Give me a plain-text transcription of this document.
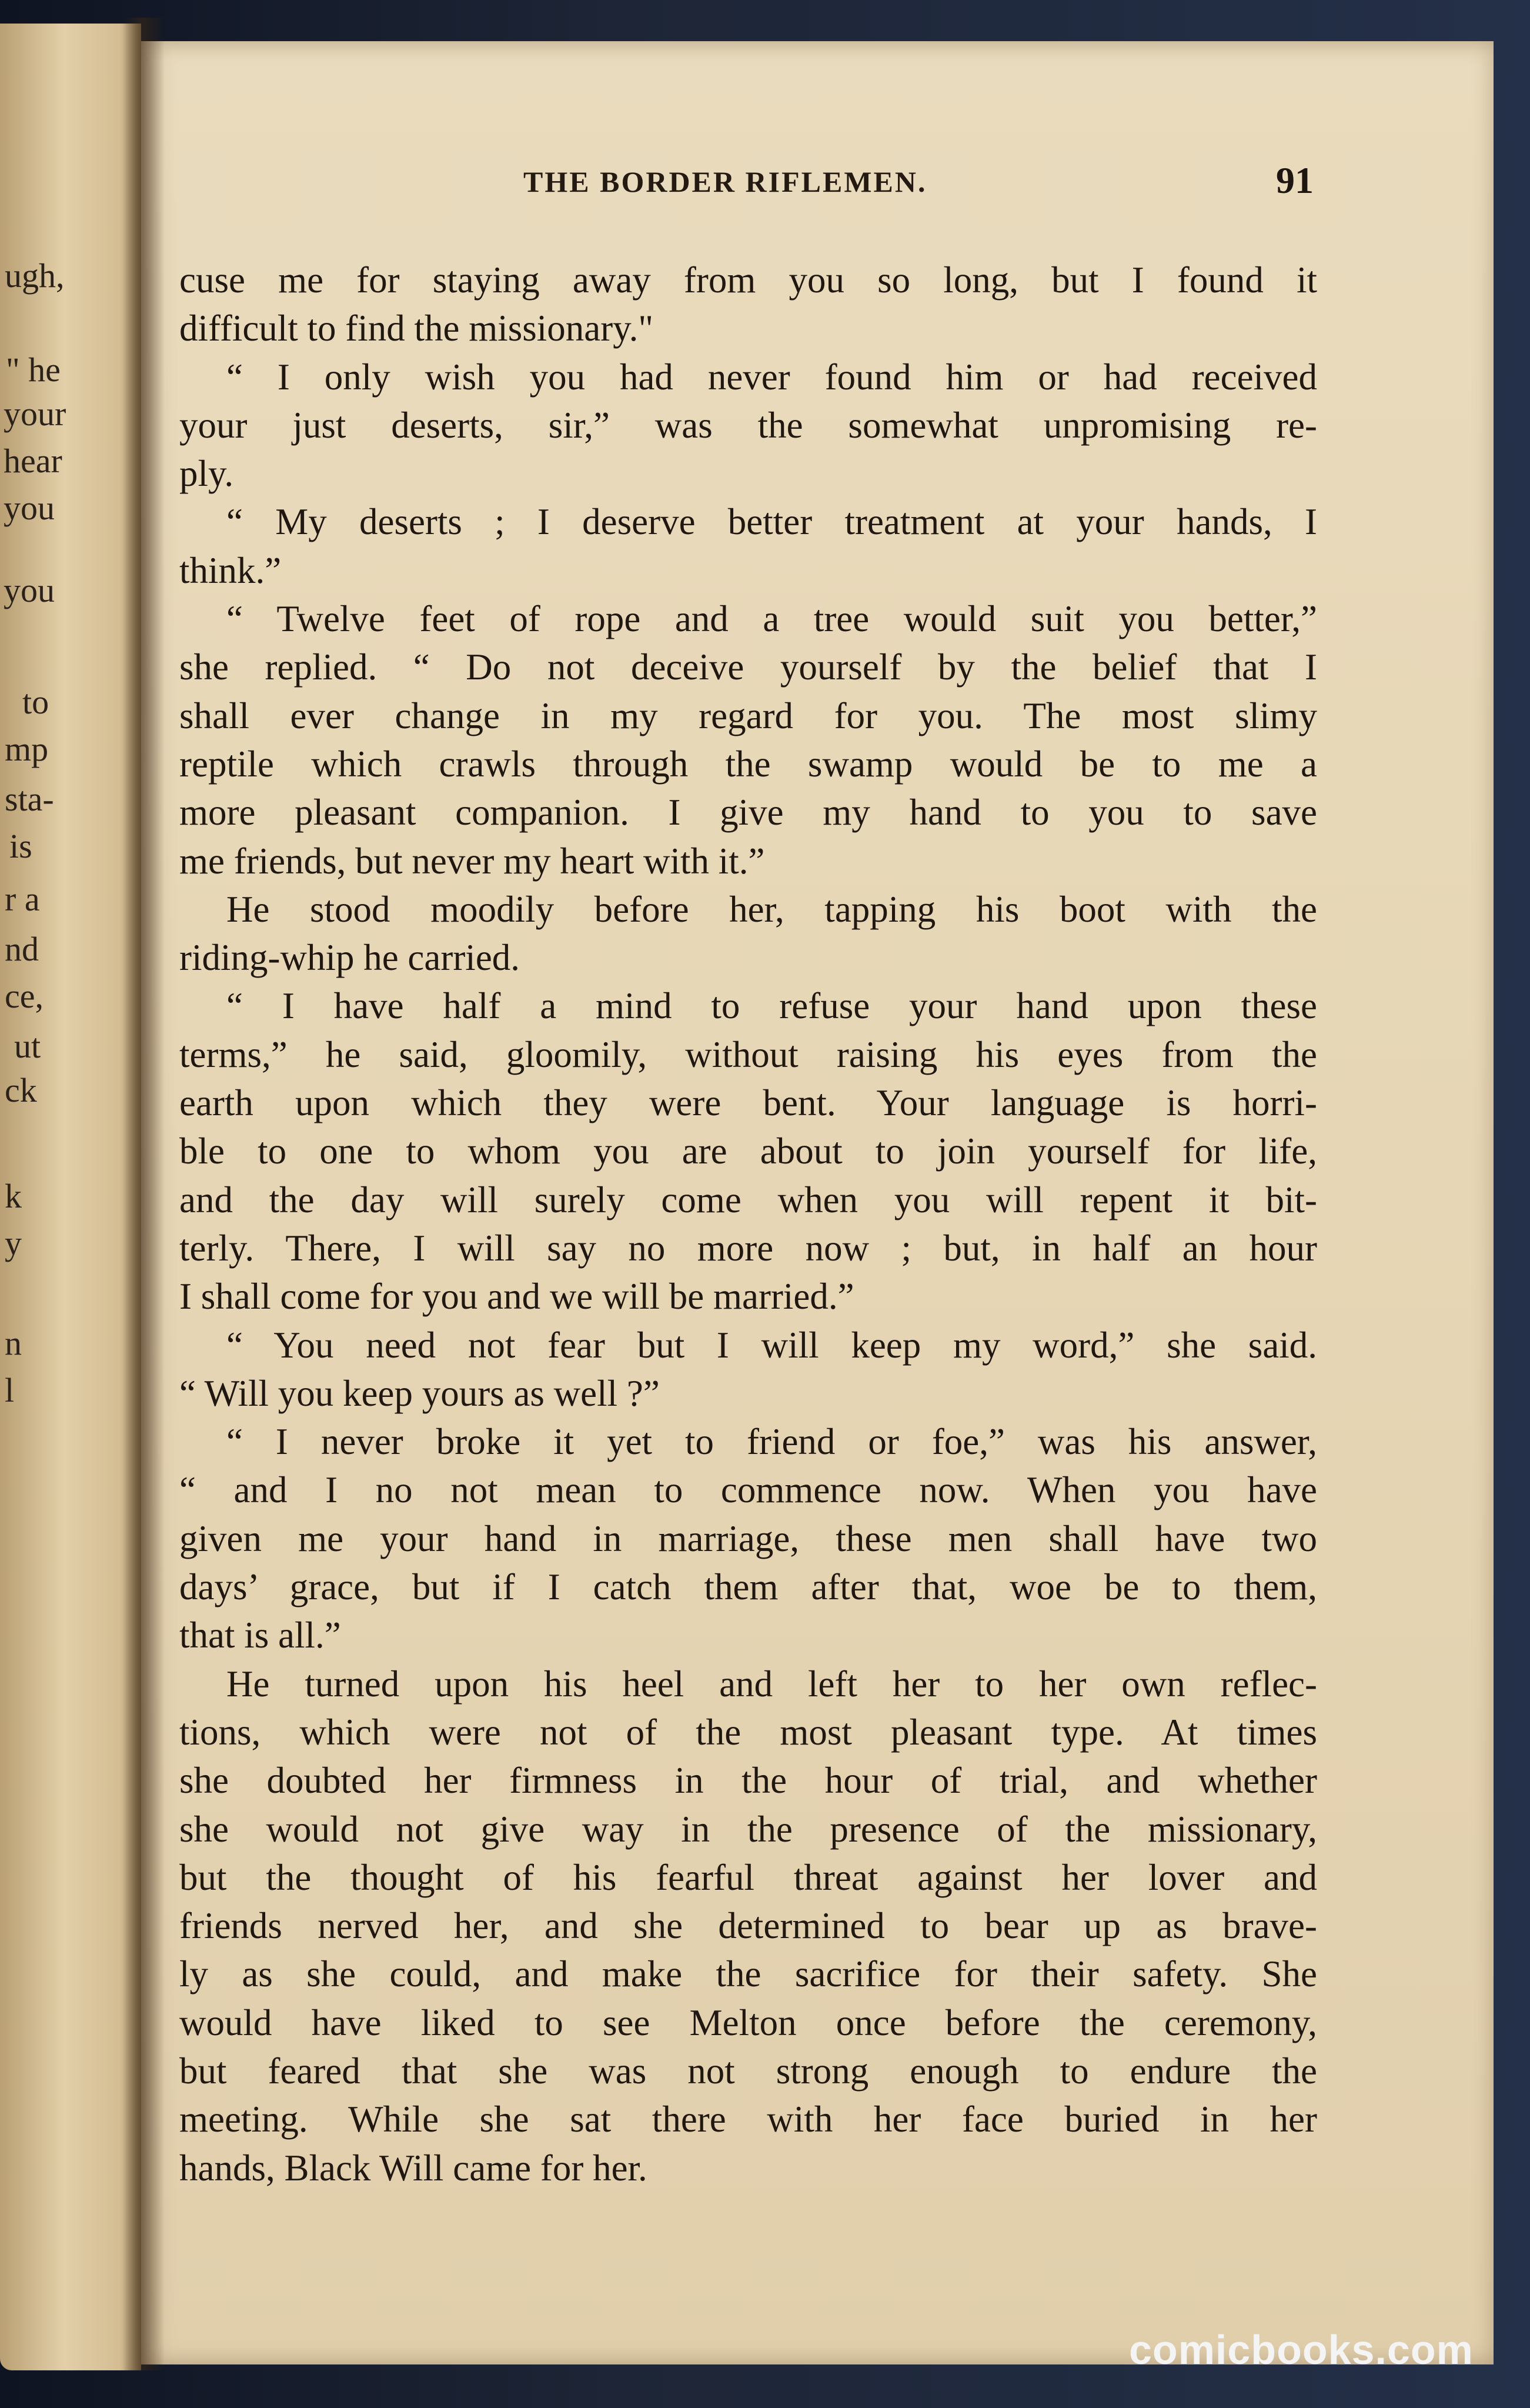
ugh,
" he
your
hear
you
you
to
mp
sta-
is
r a
nd
ce,
ut
ck
k
y
n
l
THE BORDER RIFLEMEN.	91
cuse me for staying away from you so long, but I found it
difficult to find the missionary."
“ I only wish you had never found him or had received
your just deserts, sir,” was the somewhat unpromising re-
ply.
“ My deserts ; I deserve better treatment at your hands, I
think.”
“ Twelve feet of rope and a tree would suit you better,”
she replied. “ Do not deceive yourself by the belief that I
shall ever change in my regard for you. The most slimy
reptile which crawls through the swamp would be to me a
more pleasant companion. I give my hand to you to save
me friends, but never my heart with it.”
He stood moodily before her, tapping his boot with the
riding-whip he carried.
“ I have half a mind to refuse your hand upon these
terms,” he said, gloomily, without raising his eyes from the
earth upon which they were bent. Your language is horri-
ble to one to whom you are about to join yourself for life,
and the day will surely come when you will repent it bit-
terly. There, I will say no more now ; but, in half an hour
I shall come for you and we will be married.”
“ You need not fear but I will keep my word,” she said.
“ Will you keep yours as well ?”
“ I never broke it yet to friend or foe,” was his answer,
“ and I no not mean to commence now. When you have
given me your hand in marriage, these men shall have two
days’ grace, but if I catch them after that, woe be to them,
that is all.”
He turned upon his heel and left her to her own reflec-
tions, which were not of the most pleasant type. At times
she doubted her firmness in the hour of trial, and whether
she would not give way in the presence of the missionary,
but the thought of his fearful threat against her lover and
friends nerved her, and she determined to bear up as brave-
ly as she could, and make the sacrifice for their safety. She
would have liked to see Melton once before the ceremony,
but feared that she was not strong enough to endure the
meeting. While she sat there with her face buried in her
hands, Black Will came for her.
comicbooks.com
